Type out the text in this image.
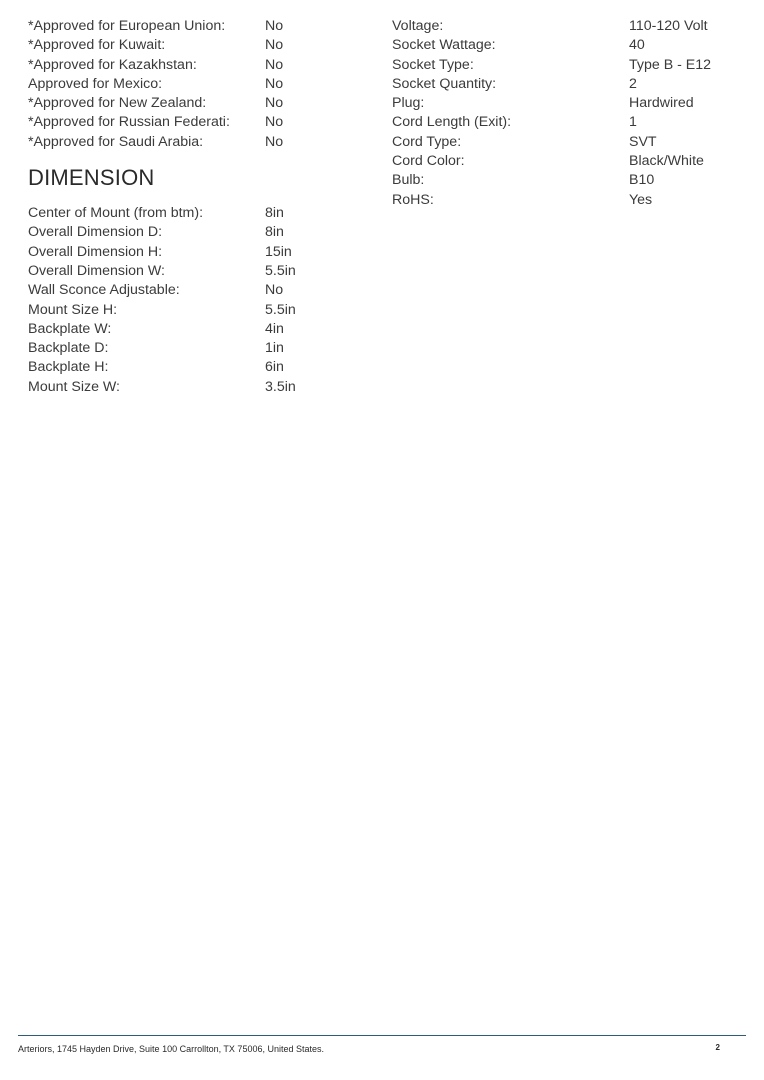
*Approved for European Union:	No
*Approved for Kuwait:	No
*Approved for Kazakhstan:	No
Approved for Mexico:	No
*Approved for New Zealand:	No
*Approved for Russian Federati: No
*Approved for Saudi Arabia:	No
DIMENSION
Center of Mount (from btm):	8in
Overall Dimension D:	8in
Overall Dimension H:	15in
Overall Dimension W:	5.5in
Wall Sconce Adjustable:	No
Mount Size H:	5.5in
Backplate W:	4in
Backplate D:	1in
Backplate H:	6in
Mount Size W:	3.5in
Voltage:	110-120 Volt
Socket Wattage:	40
Socket Type:	Type B - E12
Socket Quantity:	2
Plug:	Hardwired
Cord Length (Exit):	1
Cord Type:	SVT
Cord Color:	Black/White
Bulb:	B10
RoHS:	Yes
Arteriors, 1745 Hayden Drive, Suite 100 Carrollton, TX 75006, United States.	2
